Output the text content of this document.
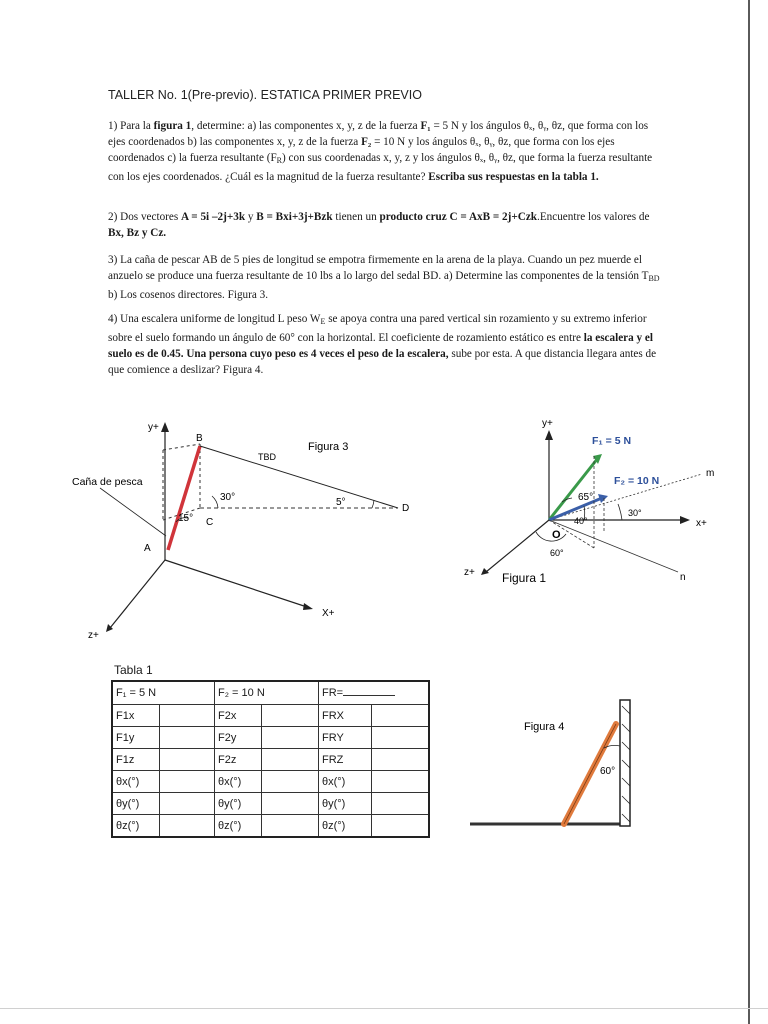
TALLER No. 1(Pre-previo). ESTATICA PRIMER PREVIO
1) Para la figura 1, determine: a) las componentes x, y, z de la fuerza F₁ = 5 N y los ángulos θₓ, θᵧ, θz, que forma con los ejes coordenados b) las componentes x, y, z de la fuerza F₂ = 10 N y los ángulos θₓ, θᵧ, θz, que forma con los ejes coordenados c) la fuerza resultante $(F_R)$ con sus coordenadas x, y, z y los ángulos θₓ, θᵧ, θz, que forma la fuerza resultante con los ejes coordenados. ¿Cuál es la magnitud de la fuerza resultante? Escriba sus respuestas en la tabla 1.
2) Dos vectores A = 5i –2j+3k y B = Bxi+3j+Bzk tienen un producto cruz C = AxB = 2j+Czk.Encuentre los valores de Bx, Bz y Cz.
3) La caña de pescar AB de 5 pies de longitud se empotra firmemente en la arena de la playa. Cuando un pez muerde el anzuelo se produce una fuerza resultante de 10 lbs a lo largo del sedal BD. a) Determine las componentes de la tensión $T_{BD}$ b) Los cosenos directores. Figura 3.
4) Una escalera uniforme de longitud L peso $W_E$ se apoya contra una pared vertical sin rozamiento y su extremo inferior sobre el suelo formando un ángulo de 60° con la horizontal. El coeficiente de rozamiento estático es entre la escalera y el suelo es de 0.45. Una persona cuyo peso es 4 veces el peso de la escalera, sube por esta. A que distancia llegara antes de que comience a deslizar? Figura 4.
y+
X+
z+
B
A
C
D
Figura 3
TBD
30°	5°
15°
Caña de pesca
y+
x+
z+
m
n
F₁ = 5 N
F₂ = 10 N
65°
40°
30°
60°
O
Figura 1
Tabla 1
F₁ = 5 N		F₂ = 10 N		FR=	
F1x		F2x		FRX	
F1y		F2y		FRY	
F1z		F2z		FRZ	
θx(°)		θx(°)		θx(°)	
θy(°)		θy(°)		θy(°)	
θz(°)		θz(°)		θz(°)	
Figura 4
60°
